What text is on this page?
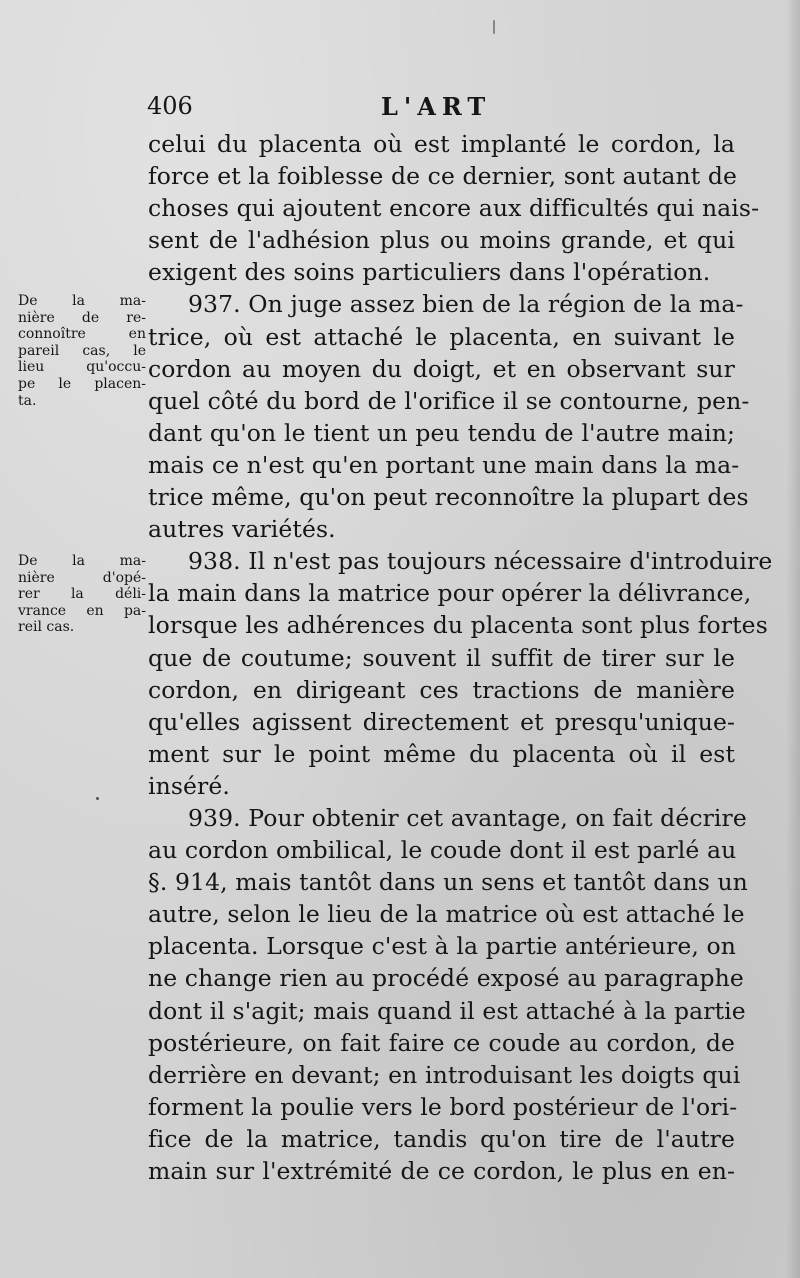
406	L'ART
De la ma-
nière de re-
connoître en
pareil cas, le
lieu qu'occu-
pe le placen-
ta.
De la ma-
nière d'opé-
rer la déli-
vrance en pa-
reil cas.
celui du placenta où est implanté le cordon, la
force et la foiblesse de ce dernier, sont autant de
choses qui ajoutent encore aux difficultés qui nais-
sent de l'adhésion plus ou moins grande, et qui
exigent des soins particuliers dans l'opération.
937. On juge assez bien de la région de la ma-
trice, où est attaché le placenta, en suivant le
cordon au moyen du doigt, et en observant sur
quel côté du bord de l'orifice il se contourne, pen-
dant qu'on le tient un peu tendu de l'autre main;
mais ce n'est qu'en portant une main dans la ma-
trice même, qu'on peut reconnoître la plupart des
autres variétés.
938. Il n'est pas toujours nécessaire d'introduire
la main dans la matrice pour opérer la délivrance,
lorsque les adhérences du placenta sont plus fortes
que de coutume; souvent il suffit de tirer sur le
cordon, en dirigeant ces tractions de manière
qu'elles agissent directement et presqu'unique-
ment sur le point même du placenta où il est
inséré.
939. Pour obtenir cet avantage, on fait décrire
au cordon ombilical, le coude dont il est parlé au
§. 914, mais tantôt dans un sens et tantôt dans un
autre, selon le lieu de la matrice où est attaché le
placenta. Lorsque c'est à la partie antérieure, on
ne change rien au procédé exposé au paragraphe
dont il s'agit; mais quand il est attaché à la partie
postérieure, on fait faire ce coude au cordon, de
derrière en devant; en introduisant les doigts qui
forment la poulie vers le bord postérieur de l'ori-
fice de la matrice, tandis qu'on tire de l'autre
main sur l'extrémité de ce cordon, le plus en en-
